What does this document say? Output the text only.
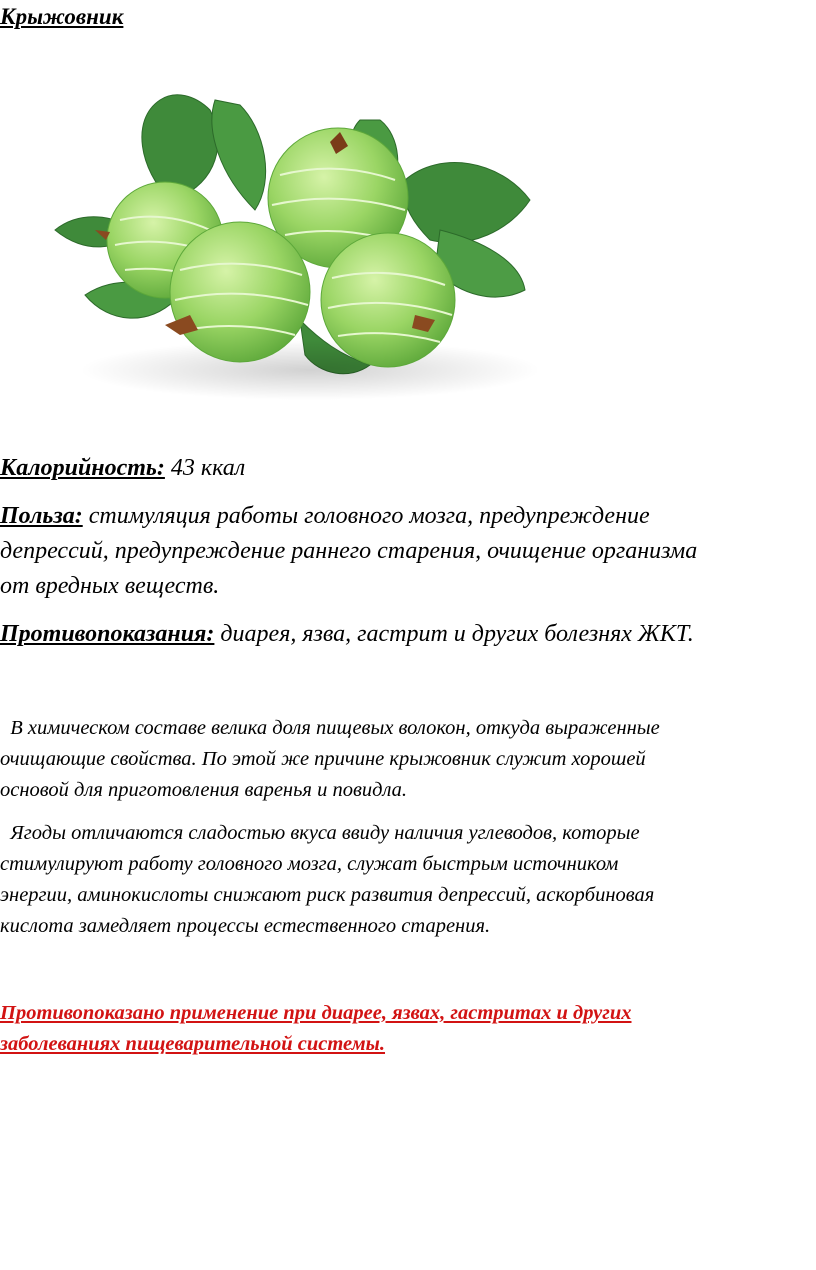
Крыжовник

Калорийность: 43 ккал

Польза: стимуляция работы головного мозга, предупреждение

депрессий, предупреждение раннего старения, очищение организма

от вредных веществ.

Противопоказания: диарея, язва, гастрит и других болезнях ЖКТ.

В химическом составе велика доля пищевых волокон, откуда выраженные

очищающие свойства. По этой же причине крыжовник служит хорошей

основой для приготовления варенья и повидла.

Ягоды отличаются сладостью вкуса ввиду наличия углеводов, которые

стимулируют работу головного мозга, служат быстрым источником

энергии, аминокислоты снижают риск развития депрессий, аскорбиновая

кислота замедляет процессы естественного старения.

Противопоказано применение при диарее, язвах, гастритах и других
заболеваниях пищеварительной системы.
